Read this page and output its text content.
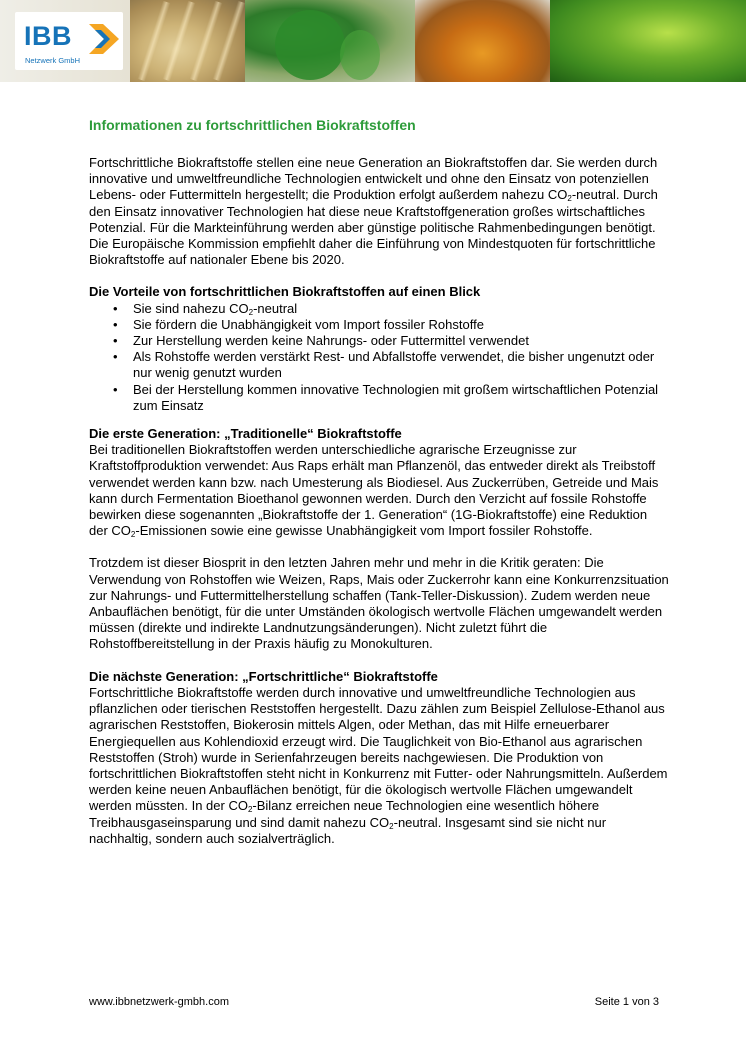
IBB
Netzwerk GmbH
Informationen zu fortschrittlichen Biokraftstoffen

Fortschrittliche Biokraftstoffe stellen eine neue Generation an Biokraftstoffen dar. Sie werden durch innovative und umweltfreundliche Technologien entwickelt und ohne den Einsatz von potenziellen Lebens- oder Futtermitteln hergestellt; die Produktion erfolgt außerdem nahezu $CO_2$-neutral. Durch den Einsatz innovativer Technologien hat diese neue Kraftstoffgeneration großes wirtschaftliches Potenzial. Für die Markteinführung werden aber günstige politische Rahmenbedingungen benötigt. Die Europäische Kommission empfiehlt daher die Einführung von Mindestquoten für fortschrittliche Biokraftstoffe auf nationaler Ebene bis 2020.

Die Vorteile von fortschrittlichen Biokraftstoffen auf einen Blick
• Sie sind nahezu $CO_2$-neutral
• Sie fördern die Unabhängigkeit vom Import fossiler Rohstoffe
• Zur Herstellung werden keine Nahrungs- oder Futtermittel verwendet
• Als Rohstoffe werden verstärkt Rest- und Abfallstoffe verwendet, die bisher ungenutzt oder nur wenig genutzt wurden
• Bei der Herstellung kommen innovative Technologien mit großem wirtschaftlichen Potenzial zum Einsatz
Die erste Generation: „Traditionelle“ Biokraftstoffe

Bei traditionellen Biokraftstoffen werden unterschiedliche agrarische Erzeugnisse zur Kraftstoffproduktion verwendet: Aus Raps erhält man Pflanzenöl, das entweder direkt als Treibstoff verwendet werden kann bzw. nach Umesterung als Biodiesel. Aus Zuckerrüben, Getreide und Mais kann durch Fermentation Bioethanol gewonnen werden. Durch den Verzicht auf fossile Rohstoffe bewirken diese sogenannten „Biokraftstoffe der 1. Generation“ (1G-Biokraftstoffe) eine Reduktion der $CO_2$-Emissionen sowie eine gewisse Unabhängigkeit vom Import fossiler Rohstoffe.

Trotzdem ist dieser Biosprit in den letzten Jahren mehr und mehr in die Kritik geraten: Die Verwendung von Rohstoffen wie Weizen, Raps, Mais oder Zuckerrohr kann eine Konkurrenzsituation zur Nahrungs- und Futtermittelherstellung schaffen (Tank-Teller-Diskussion). Zudem werden neue Anbauflächen benötigt, für die unter Umständen ökologisch wertvolle Flächen umgewandelt werden müssen (direkte und indirekte Landnutzungsänderungen). Nicht zuletzt führt die Rohstoffbereitstellung in der Praxis häufig zu Monokulturen.

Die nächste Generation: „Fortschrittliche“ Biokraftstoffe

Fortschrittliche Biokraftstoffe werden durch innovative und umweltfreundliche Technologien aus pflanzlichen oder tierischen Reststoffen hergestellt. Dazu zählen zum Beispiel Zellulose-Ethanol aus agrarischen Reststoffen, Biokerosin mittels Algen, oder Methan, das mit Hilfe erneuerbarer Energiequellen aus Kohlendioxid erzeugt wird. Die Tauglichkeit von Bio-Ethanol aus agrarischen Reststoffen (Stroh) wurde in Serienfahrzeugen bereits nachgewiesen. Die Produktion von fortschrittlichen Biokraftstoffen steht nicht in Konkurrenz mit Futter- oder Nahrungsmitteln. Außerdem werden keine neuen Anbauflächen benötigt, für die ökologisch wertvolle Flächen umgewandelt werden müssten. In der $CO_2$-Bilanz erreichen neue Technologien eine wesentlich höhere Treibhausgaseinsparung und sind damit nahezu $CO_2$-neutral. Insgesamt sind sie nicht nur nachhaltig, sondern auch sozialverträglich.

www.ibbnetzwerk-gmbh.com	Seite 1 von 3
